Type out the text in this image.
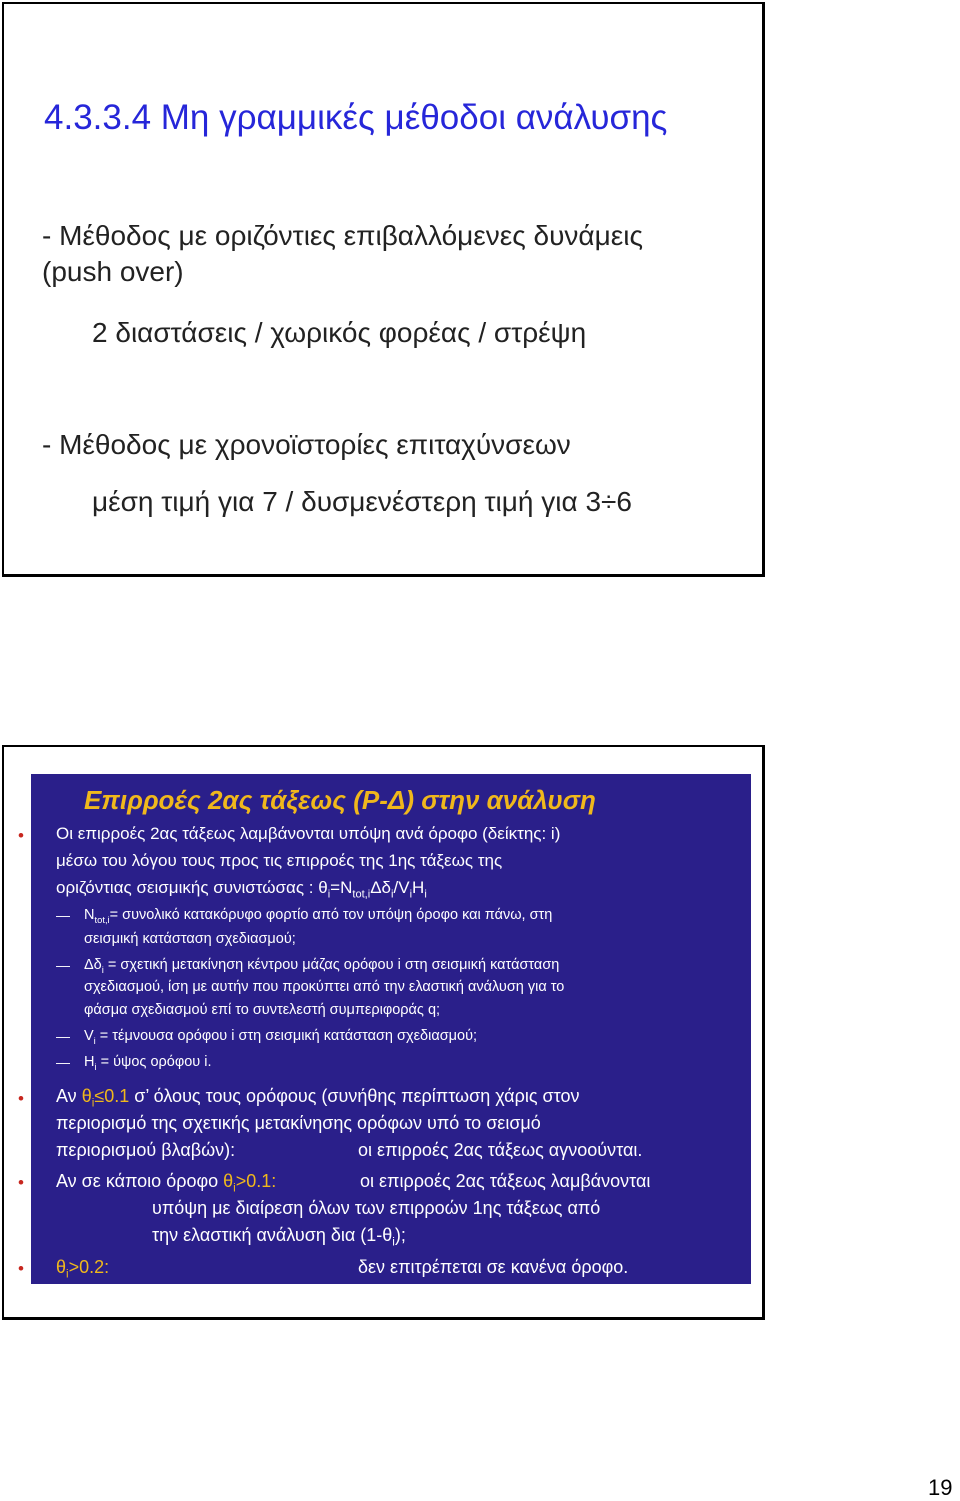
4.3.3.4 Μη γραμμικές μέθοδοι ανάλυσης
- Μέθοδος με οριζόντιες επιβαλλόμενες δυνάμεις
(push over)
2 διαστάσεις / χωρικός φορέας / στρέψη
- Μέθοδος με χρονοϊστορίες επιταχύνσεων
μέση τιμή για 7 / δυσμενέστερη τιμή για 3÷6
Επιρροές 2ας τάξεως (P-Δ) στην ανάλυση
• Οι επιρροές 2ας τάξεως λαμβάνονται υπόψη ανά όροφο (δείκτης: i)
μέσω του λόγου τους προς τις επιρροές της 1ης τάξεως της
οριζόντιας σεισμικής συνιστώσας : $\theta_i=N_{tot,i}\Delta\delta_i/V_iH_i$
— $N_{tot,i}= \sigma\upsilon\nu o\lambda\iota\kappa ό$ κατακόρυφο φορτίο από τον υπόψη όροφο και πάνω, στη
σεισμική κατάσταση σχεδιασμού;
— $\Delta\delta_i = \sigma\chi\varepsilon\tau\iota\kappa ή$ μετακίνηση κέντρου μάζας ορόφου i στη σεισμική κατάσταση
σχεδιασμού, ίση με αυτήν που προκύπτει από την ελαστική ανάλυση για το
φάσμα σχεδιασμού επί το συντελεστή συμπεριφοράς q;
— $V_i = \tau έ\mu\nu o\upsilon\sigma\alpha$ ορόφου i στη σεισμική κατάσταση σχεδιασμού;
— $H_i = ύ\psi o\varsigma$ ορόφου i.
• Αν $\theta_i\le 0.1$ σ’ όλους τους ορόφους (συνήθης περίπτωση χάρις στον
περιορισμό της σχετικής μετακίνησης ορόφων υπό το σεισμό
περιορισμού βλαβών):	οι επιρροές 2ας τάξεως αγνοούνται.
• Αν σε κάποιο όροφο $\theta_i>0.1$:	οι επιρροές 2ας τάξεως λαμβάνονται
υπόψη με διαίρεση όλων των επιρροών 1ης τάξεως από
την ελαστική ανάλυση δια $(1-\theta_i)$;
• $\theta_i>0.2$:	δεν επιτρέπεται σε κανένα όροφο.
19
